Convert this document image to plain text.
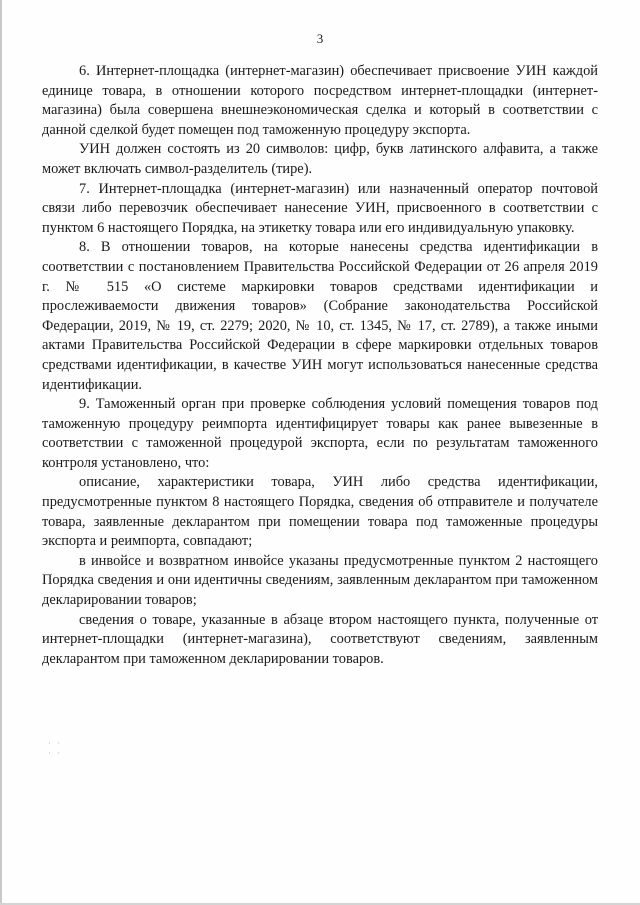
3

6. Интернет-площадка (интернет-магазин) обеспечивает присвоение УИН каждой единице товара, в отношении которого посредством интернет-площадки (интернет-магазина) была совершена внешнеэкономическая сделка и который в соответствии с данной сделкой будет помещен под таможенную процедуру экспорта.

УИН должен состоять из 20 символов: цифр, букв латинского алфавита, а также может включать символ-разделитель (тире).

7. Интернет-площадка (интернет-магазин) или назначенный оператор почтовой связи либо перевозчик обеспечивает нанесение УИН, присвоенного в соответствии с пунктом 6 настоящего Порядка, на этикетку товара или его индивидуальную упаковку.

8. В отношении товаров, на которые нанесены средства идентификации в соответствии с постановлением Правительства Российской Федерации от 26 апреля 2019 г. № 515 «О системе маркировки товаров средствами идентификации и прослеживаемости движения товаров» (Собрание законодательства Российской Федерации, 2019, № 19, ст. 2279; 2020, № 10, ст. 1345, № 17, ст. 2789), а также иными актами Правительства Российской Федерации в сфере маркировки отдельных товаров средствами идентификации, в качестве УИН могут использоваться нанесенные средства идентификации.

9. Таможенный орган при проверке соблюдения условий помещения товаров под таможенную процедуру реимпорта идентифицирует товары как ранее вывезенные в соответствии с таможенной процедурой экспорта, если по результатам таможенного контроля установлено, что:

описание, характеристики товара, УИН либо средства идентификации, предусмотренные пунктом 8 настоящего Порядка, сведения об отправителе и получателе товара, заявленные декларантом при помещении товара под таможенные процедуры экспорта и реимпорта, совпадают;

в инвойсе и возвратном инвойсе указаны предусмотренные пунктом 2 настоящего Порядка сведения и они идентичны сведениям, заявленным декларантом при таможенном декларировании товаров;

сведения о товаре, указанные в абзаце втором настоящего пункта, полученные от интернет-площадки (интернет-магазина), соответствуют сведениям, заявленным декларантом при таможенном декларировании товаров.

· ·
· ·
